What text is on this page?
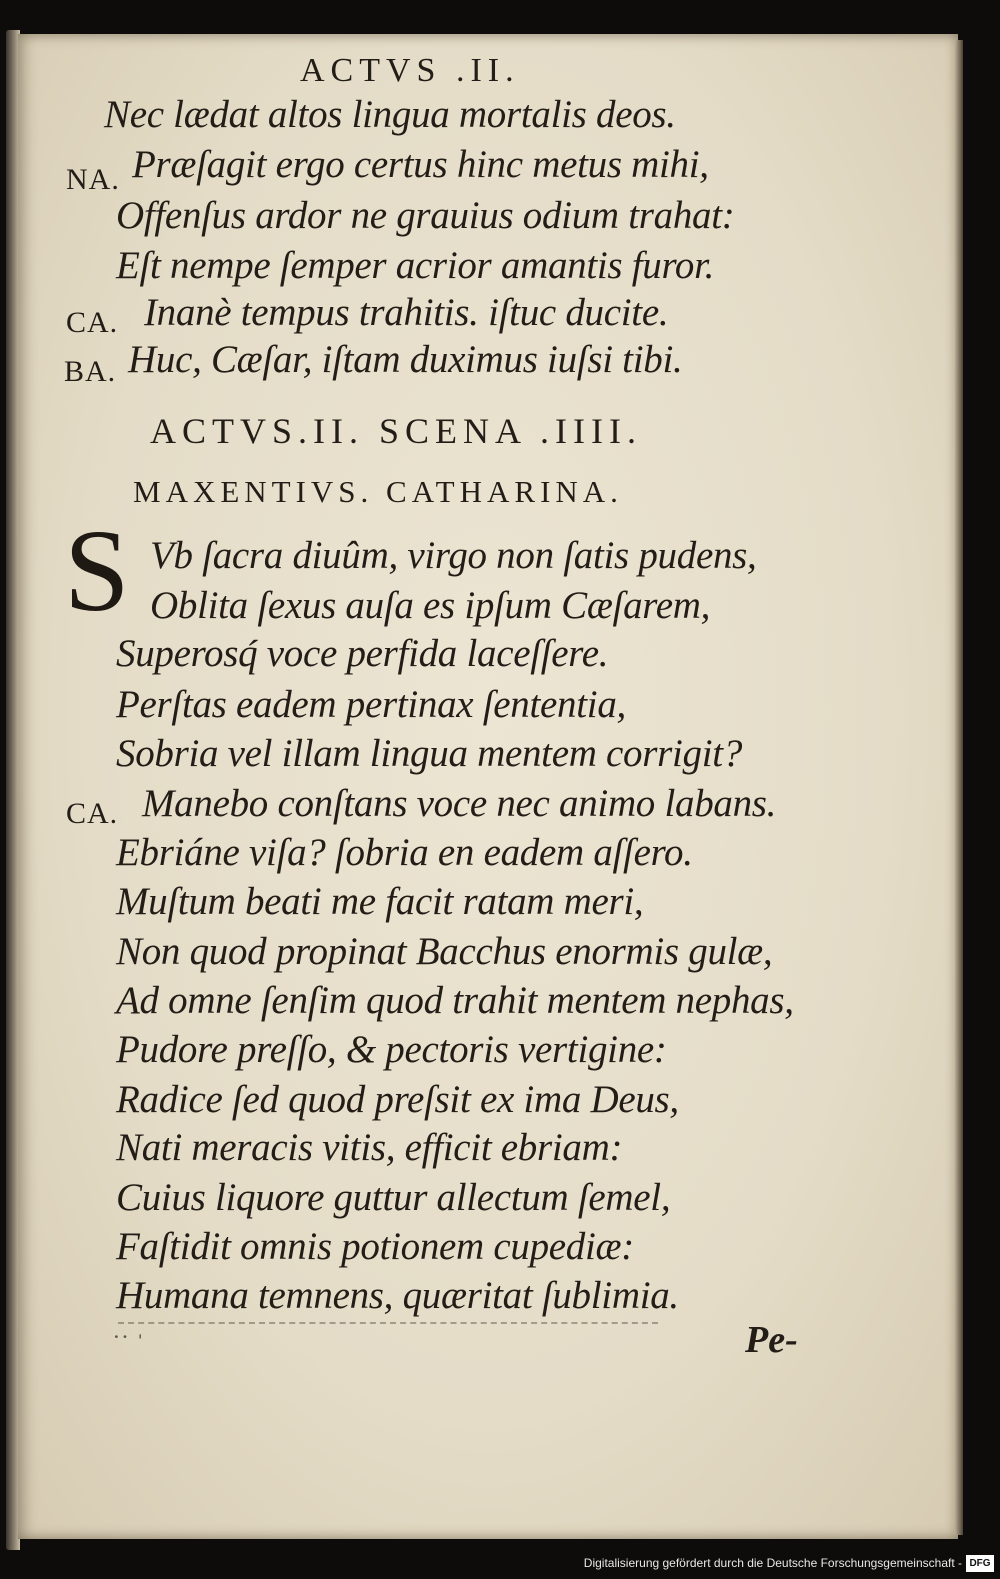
ACTVS .II.
Nec lædat altos lingua mortalis deos.
NA. Præſagit ergo certus hinc metus mihi,
Offenſus ardor ne grauius odium trahat:
Eſt nempe ſemper acrior amantis furor.
CA. Inanè tempus trahitis. iſtuc ducite.
BA. Huc, Cæſar, iſtam duximus iuſsi tibi.
ACTVS.II. SCENA .IIII.
MAXENTIVS. CATHARINA.
S Vb ſacra diuûm, virgo non ſatis pudens,
Oblita ſexus auſa es ipſum Cæſarem,
Superosq́ voce perfida laceſſere.
Perſtas eadem pertinax ſententia,
Sobria vel illam lingua mentem corrigit?
CA. Manebo conſtans voce nec animo labans.
Ebriáne viſa? ſobria en eadem aſſero.
Muſtum beati me facit ratam meri,
Non quod propinat Bacchus enormis gulæ,
Ad omne ſenſim quod trahit mentem nephas,
Pudore preſſo, & pectoris vertigine:
Radice ſed quod preſsit ex ima Deus,
Nati meracis vitis, efficit ebriam:
Cuius liquore guttur allectum ſemel,
Faſtidit omnis potionem cupediæ:
Humana temnens, quæritat ſublimia.
˙˙ ˈ	Pe-
Digitalisierung gefördert durch die Deutsche Forschungsgemeinschaft - DFG
